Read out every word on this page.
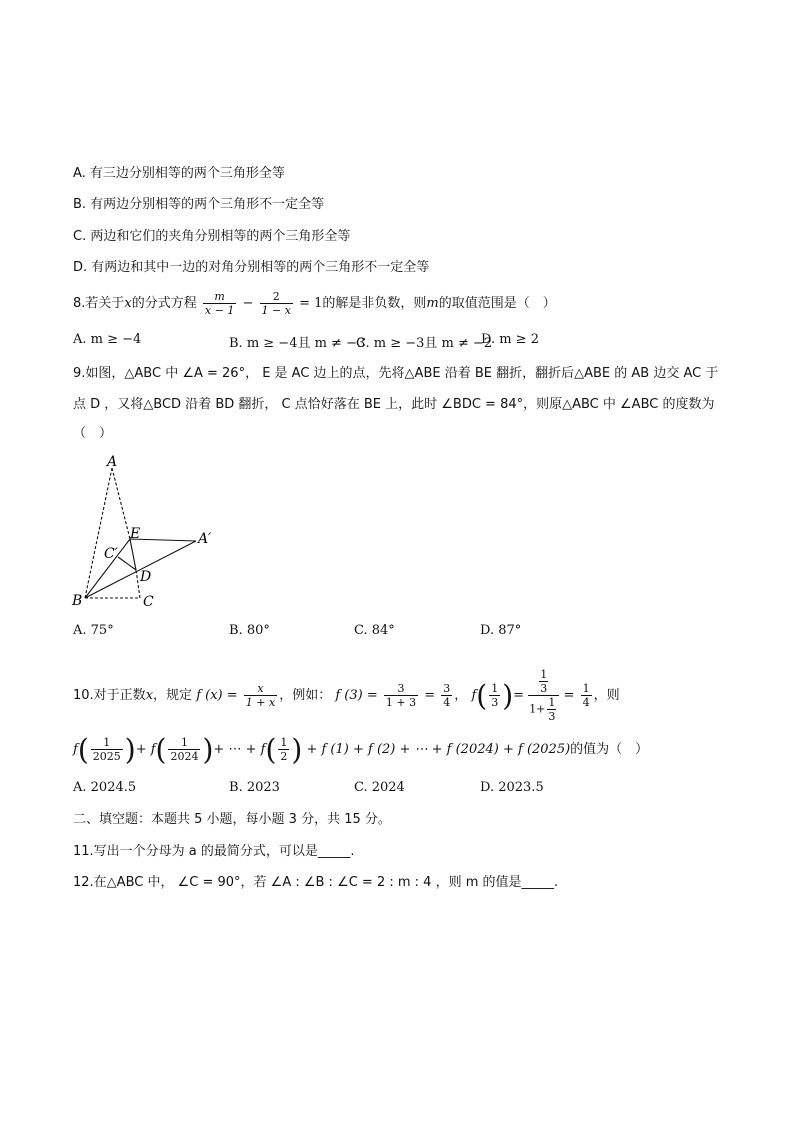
A. 有三边分别相等的两个三角形全等
B. 有两边分别相等的两个三角形不一定全等
C. 两边和它们的夹角分别相等的两个三角形全等
D. 有两边和其中一边的对角分别相等的两个三角形不一定全等
8.若关于x的分式方程 $\frac{m}{x - 1} - \frac{2}{1 - x} = 1$的解是非负数，则m的取值范围是（　）
A. m ≥ −4	B. m ≥ −4且 m ≠ −3
C. m ≥ −3且 m ≠ −2
D. m ≥ 2
9.如图，△ABC 中 ∠A = 26°， E 是 AC 边上的点，先将△ABE 沿着 BE 翻折，翻折后△ABE 的 AB 边交 AC 于
点 D ，又将△BCD 沿着 BD 翻折， C 点恰好落在 BE 上，此时 ∠BDC = 84°，则原△ABC 中 ∠ABC 的度数为
（　）
A
E	A′
C′
D
B	C
A. 75°	B. 80°	C. 84°	D. 87°
10.对于正数x，规定 f $(x) = \frac{x}{1 + x}$ ，例如： f $(3) = \frac{3}{1 + 3} = \frac{3}{4}$ ， $f( \frac{1}{3}$ )= $\frac{\frac{1}{3}}{1+ \frac{1}{3}} = \frac{1}{4}$ ，则
$f( \frac{1}{2025}$ )+ $f( \frac{1}{2024}$ )+ ⋯ + $f( \frac{1}{2}$ ) + f (1) + f (2) + ⋯ + f (2024) + f (2025)的值为（　）
A. 2024.5	B. 2023	C. 2024	D. 2023.5
二、填空题：本题共 5 小题，每小题 3 分，共 15 分。
11.写出一个分母为 a 的最简分式，可以是_____.
12.在△ABC 中， ∠C = 90°，若 ∠A : ∠B : ∠C = 2 : m : 4 ，则 m 的值是_____.
